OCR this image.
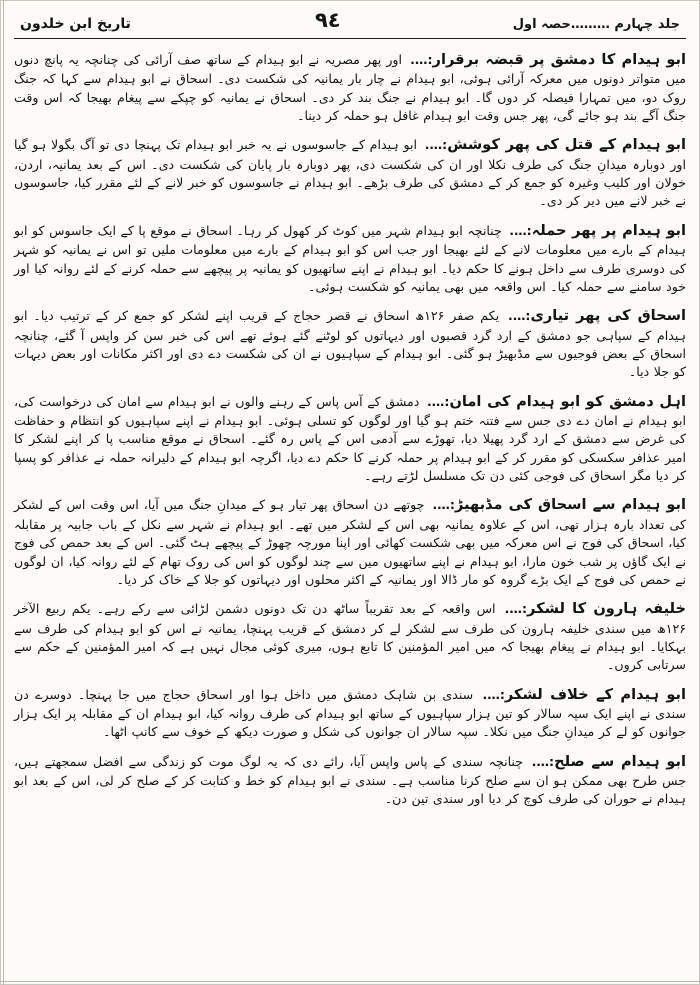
جلد چہارم ………حصہ اول
٩٤
تاریخ ابن خلدون

ابو ہیدام کا دمشق پر قبضہ برقرار:…. اور پھر مصریہ نے ابو ہیدام کے ساتھ صف آرائی کی چنانچہ یہ پانچ دنوں میں متواتر دونوں میں معرکہ آرائی ہوئی، ابو ہیدام نے چار بار یمانیہ کی شکست دی۔ اسحاق نے ابو ہیدام سے کہا کہ جنگ روک دو، میں تمہارا فیصلہ کر دوں گا۔ ابو ہیدام نے جنگ بند کر دی۔ اسحاق نے یمانیہ کو چپکے سے پیغام بھیجا کہ اس وقت جنگ آگے بند ہو جائے گی، پھر جس وقت ابو ہیدام غافل ہو حملہ کر دینا۔

ابو ہیدام کے قتل کی پھر کوشش:…. ابو ہیدام کے جاسوسوں نے یہ خبر ابو ہیدام تک پہنچا دی تو آگ بگولا ہو گیا اور دوبارہ میدانِ جنگ کی طرف نکلا اور ان کی شکست دی، پھر دوبارہ بار پایان کی شکست دی۔ اس کے بعد یمانیہ، اردن، خولان اور کلیب وغیرہ کو جمع کر کے دمشق کی طرف بڑھے۔ ابو ہیدام نے جاسوسوں کو خبر لانے کے لئے مقرر کیا، جاسوسوں نے خبر لانے میں دیر کر دی۔

ابو ہیدام پر پھر حملہ:…. چنانچہ ابو ہیدام شہر میں کوٹ کر کھول کر رہا۔ اسحاق نے موقع پا کے ایک جاسوس کو ابو ہیدام کے بارے میں معلومات لانے کے لئے بھیجا اور جب اس کو ابو ہیدام کے بارے میں معلومات ملیں تو اس نے یمانیہ کو شہر کی دوسری طرف سے داخل ہونے کا حکم دیا۔ ابو ہیدام نے اپنے ساتھیوں کو یمانیہ پر پیچھے سے حملہ کرنے کے لئے روانہ کیا اور خود سامنے سے حملہ کیا۔ اس واقعہ میں بھی یمانیہ کو شکست ہوئی۔

اسحاق کی پھر تیاری:…. یکم صفر ۱۲۶ھ اسحاق نے قصر حجاج کے قریب اپنے لشکر کو جمع کر کے ترتیب دیا۔ ابو ہیدام کے سپاہی جو دمشق کے ارد گرد قصبوں اور دیہاتوں کو لوٹنے گئے ہوئے تھے اس کی خبر سن کر واپس آ گئے، چنانچہ اسحاق کے بعض فوجیوں سے مڈبھیڑ ہو گئی۔ ابو ہیدام کے سپاہیوں نے ان کی شکست دے دی اور اکثر مکانات اور بعض دیہات کو جلا دیا۔

اہل دمشق کو ابو ہیدام کی امان:…. دمشق کے آس پاس کے رہنے والوں نے ابو ہیدام سے امان کی درخواست کی، ابو ہیدام نے امان دے دی جس سے فتنہ ختم ہو گیا اور لوگوں کو تسلی ہوئی۔ ابو ہیدام نے اپنے سپاہیوں کو انتظام و حفاظت کی غرض سے دمشق کے ارد گرد پھیلا دیا، تھوڑے سے آدمی اس کے پاس رہ گئے۔ اسحاق نے موقع مناسب پا کر اپنے لشکر کا امیر عذافر سکسکی کو مقرر کر کے ابو ہیدام پر حملہ کرنے کا حکم دے دیا، اگرچہ ابو ہیدام کے دلیرانہ حملہ نے عذافر کو پسپا کر دیا مگر اسحاق کی فوجی کئی دن تک مسلسل لڑتے رہے۔

ابو ہیدام سے اسحاق کی مڈبھیڑ:…. چوتھے دن اسحاق پھر تیار ہو کے میدانِ جنگ میں آیا، اس وقت اس کے لشکر کی تعداد بارہ ہزار تھی، اس کے علاوہ یمانیہ بھی اس کے لشکر میں تھے۔ ابو ہیدام نے شہر سے نکل کے باب جابیہ پر مقابلہ کیا، اسحاق کی فوج نے اس معرکہ میں بھی شکست کھائی اور اپنا مورچہ چھوڑ کے پیچھے ہٹ گئی۔ اس کے بعد حمص کی فوج نے ایک گاؤں پر شب خون مارا، ابو ہیدام نے اپنے ساتھیوں میں سے چند لوگوں کو اس کی روک تھام کے لئے روانہ کیا، ان لوگوں نے حمص کی فوج کے ایک بڑے گروہ کو مار ڈالا اور یمانیہ کے اکثر محلوں اور دیہاتوں کو جلا کے خاک کر دیا۔

خلیفہ ہارون کا لشکر:…. اس واقعہ کے بعد تقریباً ساٹھ دن تک دونوں دشمن لڑائی سے رکے رہے۔ یکم ربیع الآخر ۱۲۶ھ میں سندی خلیفہ ہارون کی طرف سے لشکر لے کر دمشق کے قریب پہنچا، یمانیہ نے اس کو ابو ہیدام کی طرف سے بہکایا۔ ابو ہیدام نے پیغام بھیجا کہ میں امیر المؤمنین کا تابع ہوں، میری کوئی مجال نہیں ہے کہ امیر المؤمنین کے حکم سے سرتابی کروں۔

ابو ہیدام کے خلاف لشکر:…. سندی بن شاہک دمشق میں داخل ہوا اور اسحاق حجاج میں جا پہنچا۔ دوسرے دن سندی نے اپنے ایک سپہ سالار کو تین ہزار سپاہیوں کے ساتھ ابو ہیدام کی طرف روانہ کیا، ابو ہیدام ان کے مقابلہ پر ایک ہزار جوانوں کو لے کر میدانِ جنگ میں نکلا۔ سپہ سالار ان جوانوں کی شکل و صورت دیکھ کے خوف سے کانپ اٹھا۔

ابو ہیدام سے صلح:…. چنانچہ سندی کے پاس واپس آیا، رائے دی کہ یہ لوگ موت کو زندگی سے افضل سمجھتے ہیں، جس طرح بھی ممکن ہو ان سے صلح کرنا مناسب ہے۔ سندی نے ابو ہیدام کو خط و کتابت کر کے صلح کر لی، اس کے بعد ابو ہیدام نے حوران کی طرف کوچ کر دیا اور سندی تین دن۔
